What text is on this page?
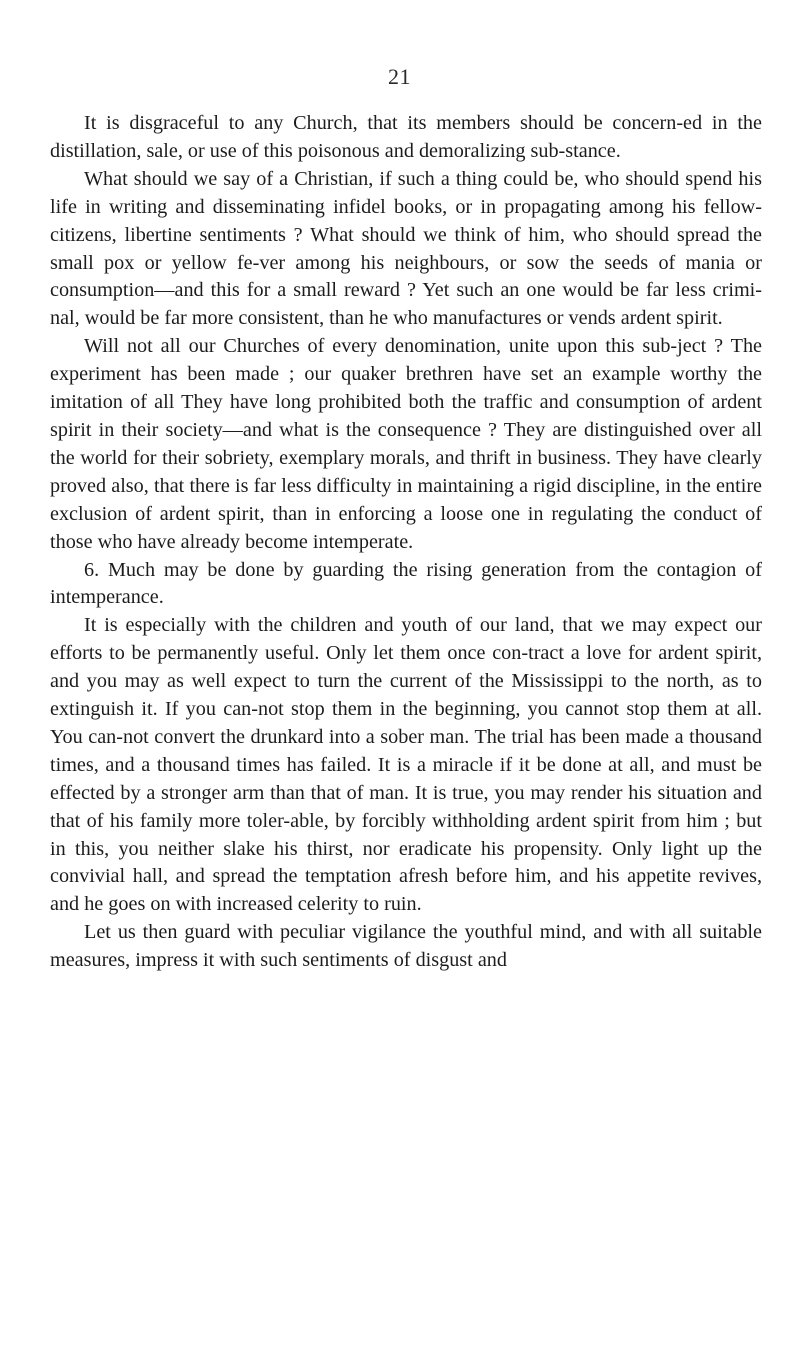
21

It is disgraceful to any Church, that its members should be concern-ed in the distillation, sale, or use of this poisonous and demoralizing sub-stance.

What should we say of a Christian, if such a thing could be, who should spend his life in writing and disseminating infidel books, or in propagating among his fellow-citizens, libertine sentiments ? What should we think of him, who should spread the small pox or yellow fe-ver among his neighbours, or sow the seeds of mania or consumption—and this for a small reward ? Yet such an one would be far less crimi-nal, would be far more consistent, than he who manufactures or vends ardent spirit.

Will not all our Churches of every denomination, unite upon this sub-ject ? The experiment has been made ; our quaker brethren have set an example worthy the imitation of all They have long prohibited both the traffic and consumption of ardent spirit in their society—and what is the consequence ? They are distinguished over all the world for their sobriety, exemplary morals, and thrift in business. They have clearly proved also, that there is far less difficulty in maintaining a rigid discipline, in the entire exclusion of ardent spirit, than in enforcing a loose one in regulating the conduct of those who have already become intemperate.

6. Much may be done by guarding the rising generation from the contagion of intemperance.

It is especially with the children and youth of our land, that we may expect our efforts to be permanently useful. Only let them once con-tract a love for ardent spirit, and you may as well expect to turn the current of the Mississippi to the north, as to extinguish it. If you can-not stop them in the beginning, you cannot stop them at all. You can-not convert the drunkard into a sober man. The trial has been made a thousand times, and a thousand times has failed. It is a miracle if it be done at all, and must be effected by a stronger arm than that of man. It is true, you may render his situation and that of his family more toler-able, by forcibly withholding ardent spirit from him ; but in this, you neither slake his thirst, nor eradicate his propensity. Only light up the convivial hall, and spread the temptation afresh before him, and his appetite revives, and he goes on with increased celerity to ruin.

Let us then guard with peculiar vigilance the youthful mind, and with all suitable measures, impress it with such sentiments of disgust and
